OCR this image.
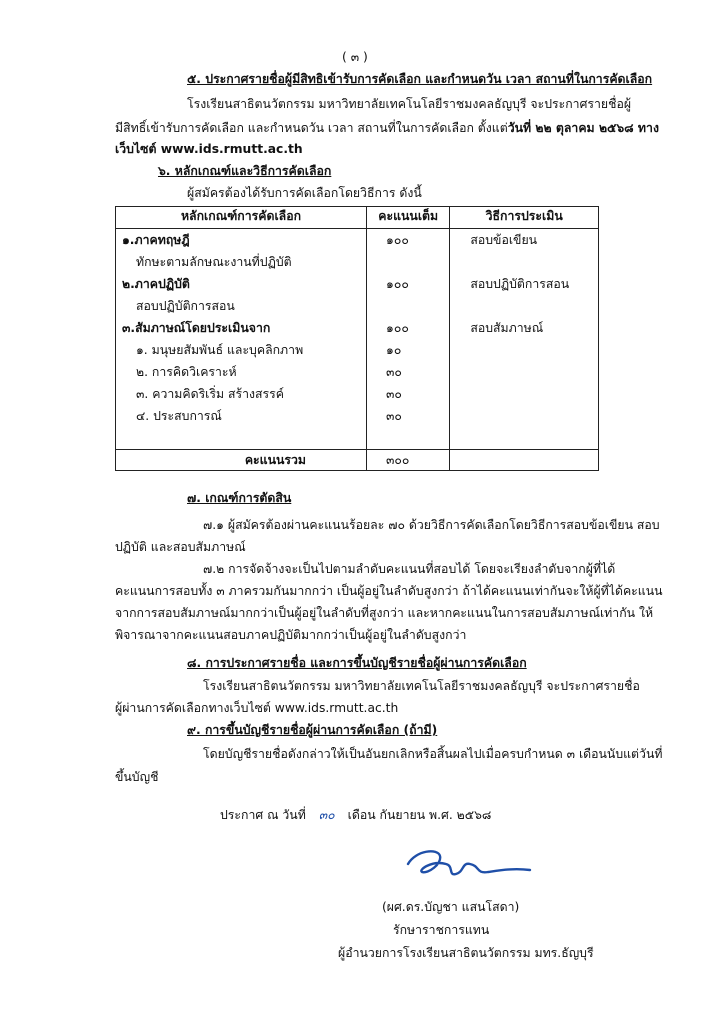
( ๓ )
๕. ประกาศรายชื่อผู้มีสิทธิเข้ารับการคัดเลือก และกำหนดวัน เวลา สถานที่ในการคัดเลือก
โรงเรียนสาธิตนวัตกรรม มหาวิทยาลัยเทคโนโลยีราชมงคลธัญบุรี จะประกาศรายชื่อผู้
มีสิทธิ์เข้ารับการคัดเลือก และกำหนดวัน เวลา สถานที่ในการคัดเลือก ตั้งแต่วันที่ ๒๒ ตุลาคม ๒๕๖๘ ทาง
เว็บไซต์ www.ids.rmutt.ac.th
๖. หลักเกณฑ์และวิธีการคัดเลือก
ผู้สมัครต้องได้รับการคัดเลือกโดยวิธีการ ดังนี้
หลักเกณฑ์การคัดเลือก	คะแนนเต็ม	วิธีการประเมิน
๑.ภาคทฤษฎี	๑๐๐	สอบข้อเขียน
ทักษะตามลักษณะงานที่ปฏิบัติ		
๒.ภาคปฏิบัติ	๑๐๐	สอบปฏิบัติการสอน
สอบปฏิบัติการสอน		
๓.สัมภาษณ์โดยประเมินจาก	๑๐๐	สอบสัมภาษณ์
๑. มนุษยสัมพันธ์ และบุคลิกภาพ	๑๐	
๒. การคิดวิเคราะห์	๓๐	
๓. ความคิดริเริ่ม สร้างสรรค์	๓๐	
๔. ประสบการณ์	๓๐	

คะแนนรวม	๓๐๐	
๗. เกณฑ์การตัดสิน
๗.๑ ผู้สมัครต้องผ่านคะแนนร้อยละ ๗๐ ด้วยวิธีการคัดเลือกโดยวิธีการสอบข้อเขียน สอบ
ปฏิบัติ และสอบสัมภาษณ์
๗.๒ การจัดจ้างจะเป็นไปตามลำดับคะแนนที่สอบได้ โดยจะเรียงลำดับจากผู้ที่ได้
คะแนนการสอบทั้ง ๓ ภาครวมกันมากกว่า เป็นผู้อยู่ในลำดับสูงกว่า ถ้าได้คะแนนเท่ากันจะให้ผู้ที่ได้คะแนน
จากการสอบสัมภาษณ์มากกว่าเป็นผู้อยู่ในลำดับที่สูงกว่า และหากคะแนนในการสอบสัมภาษณ์เท่ากัน ให้
พิจารณาจากคะแนนสอบภาคปฏิบัติมากกว่าเป็นผู้อยู่ในลำดับสูงกว่า
๘. การประกาศรายชื่อ และการขึ้นบัญชีรายชื่อผู้ผ่านการคัดเลือก
โรงเรียนสาธิตนวัตกรรม มหาวิทยาลัยเทคโนโลยีราชมงคลธัญบุรี จะประกาศรายชื่อ
ผู้ผ่านการคัดเลือกทางเว็บไซต์ www.ids.rmutt.ac.th
๙. การขึ้นบัญชีรายชื่อผู้ผ่านการคัดเลือก (ถ้ามี)
โดยบัญชีรายชื่อดังกล่าวให้เป็นอันยกเลิกหรือสิ้นผลไปเมื่อครบกำหนด ๓ เดือนนับแต่วันที่
ขึ้นบัญชี
ประกาศ ณ วันที่ ๓๐ เดือน กันยายน พ.ศ. ๒๕๖๘
(ผศ.ดร.บัญชา แสนโสดา)
รักษาราชการแทน
ผู้อำนวยการโรงเรียนสาธิตนวัตกรรม มทร.ธัญบุรี
